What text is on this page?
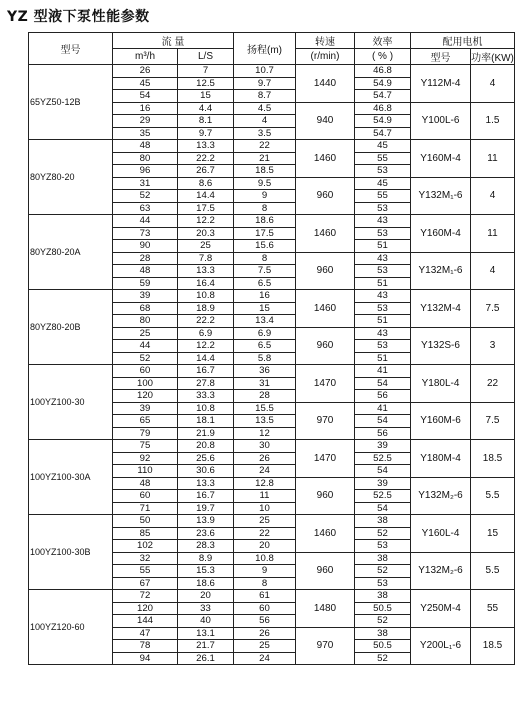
YZ 型液下泵性能参数
型号	流 量		扬程(m)	转速	效率	配用电机	
	m³/h	L/S		(r/min)	( % )	型号	功率(KW)
65YZ50-12B	26	7	10.7	1440	46.8	Y112M-4	4
	45	12.5	9.7		54.9		
	54	15	8.7		54.7		
	16	4.4	4.5	940	46.8	Y100L-6	1.5
	29	8.1	4		54.9		
	35	9.7	3.5		54.7		
80YZ80-20	48	13.3	22	1460	45	Y160M-4	11
	80	22.2	21		55		
	96	26.7	18.5		53		
	31	8.6	9.5	960	45	Y132M₁-6	4
	52	14.4	9		55		
	63	17.5	8		53		
80YZ80-20A	44	12.2	18.6	1460	43	Y160M-4	11
	73	20.3	17.5		53		
	90	25	15.6		51		
	28	7.8	8	960	43	Y132M₁-6	4
	48	13.3	7.5		53		
	59	16.4	6.5		51		
80YZ80-20B	39	10.8	16	1460	43	Y132M-4	7.5
	68	18.9	15		53		
	80	22.2	13.4		51		
	25	6.9	6.9	960	43	Y132S-6	3
	44	12.2	6.5		53		
	52	14.4	5.8		51		
100YZ100-30	60	16.7	36	1470	41	Y180L-4	22
	100	27.8	31		54		
	120	33.3	28		56		
	39	10.8	15.5	970	41	Y160M-6	7.5
	65	18.1	13.5		54		
	79	21.9	12		56		
100YZ100-30A	75	20.8	30	1470	39	Y180M-4	18.5
	92	25.6	26		52.5		
	110	30.6	24		54		
	48	13.3	12.8	960	39	Y132M₂-6	5.5
	60	16.7	11		52.5		
	71	19.7	10		54		
100YZ100-30B	50	13.9	25	1460	38	Y160L-4	15
	85	23.6	22		52		
	102	28.3	20		53		
	32	8.9	10.8	960	38	Y132M₂-6	5.5
	55	15.3	9		52		
	67	18.6	8		53		
100YZ120-60	72	20	61	1480	38	Y250M-4	55
	120	33	60		50.5		
	144	40	56		52		
	47	13.1	26	970	38	Y200L₁-6	18.5
	78	21.7	25		50.5		
	94	26.1	24		52		
